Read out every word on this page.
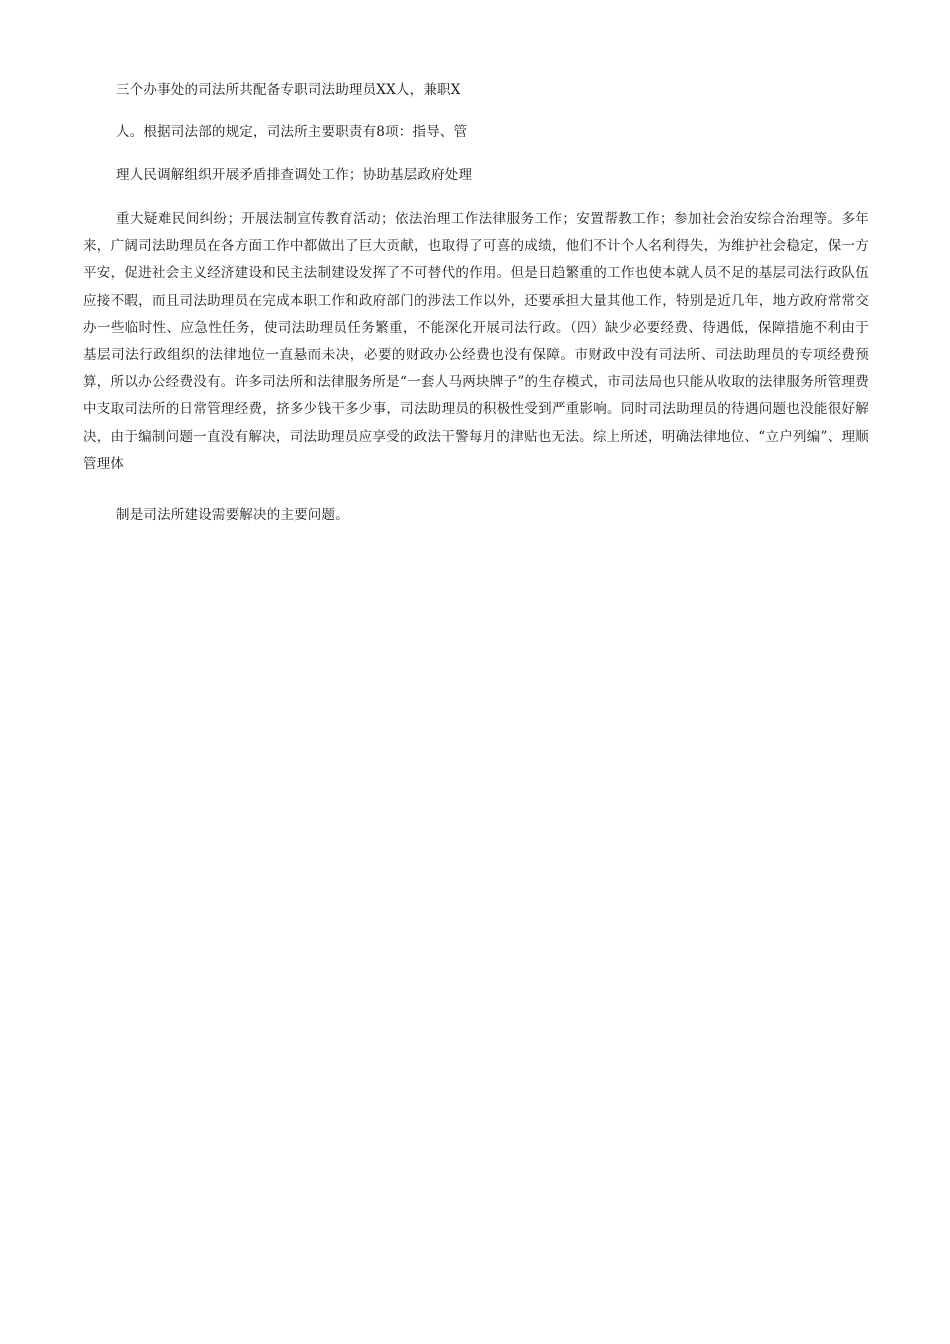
三个办事处的司法所共配备专职司法助理员XX人，兼职X
人。根据司法部的规定，司法所主要职责有8项：指导、管
理人民调解组织开展矛盾排查调处工作；协助基层政府处理

重大疑难民间纠纷；开展法制宣传教育活动；依法治理工作法律服务工作；安置帮教工作；参加社会治安综合治理等。多年来，广阔司法助理员在各方面工作中都做出了巨大贡献，也取得了可喜的成绩，他们不计个人名利得失，为维护社会稳定，保一方平安，促进社会主义经济建设和民主法制建设发挥了不可替代的作用。但是日趋繁重的工作也使本就人员不足的基层司法行政队伍应接不暇，而且司法助理员在完成本职工作和政府部门的涉法工作以外，还要承担大量其他工作，特别是近几年，地方政府常常交办一些临时性、应急性任务，使司法助理员任务繁重，不能深化开展司法行政。（四）缺少必要经费、待遇低，保障措施不利由于基层司法行政组织的法律地位一直悬而未决，必要的财政办公经费也没有保障。市财政中没有司法所、司法助理员的专项经费预算，所以办公经费没有。许多司法所和法律服务所是“一套人马两块牌子”的生存模式，市司法局也只能从收取的法律服务所管理费中支取司法所的日常管理经费，挤多少钱干多少事，司法助理员的积极性受到严重影响。同时司法助理员的待遇问题也没能很好解决，由于编制问题一直没有解决，司法助理员应享受的政法干警每月的津贴也无法。综上所述，明确法律地位、“立户列编”、理顺管理体

制是司法所建设需要解决的主要问题。
